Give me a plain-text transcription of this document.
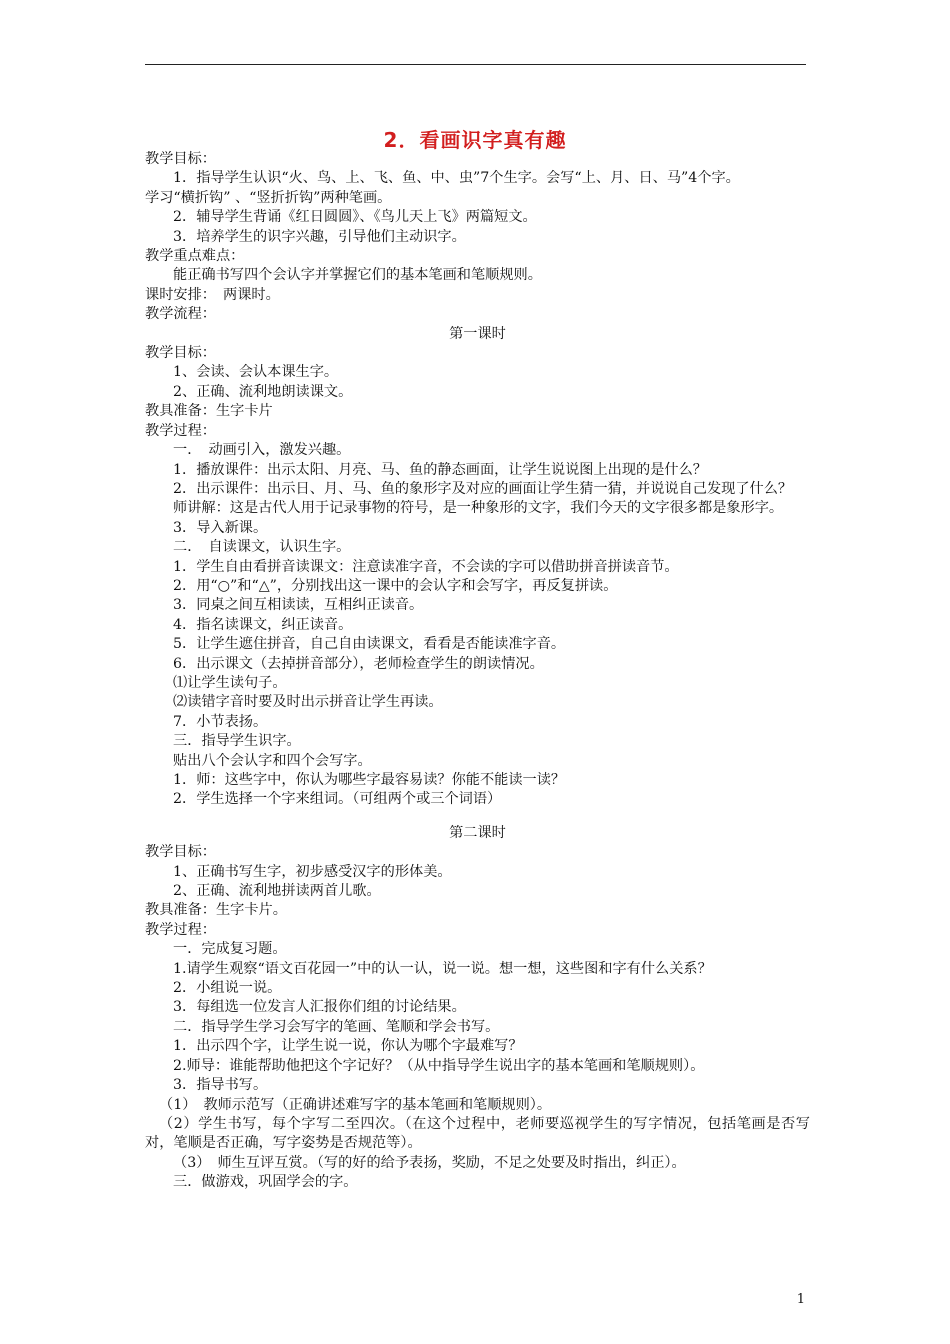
2．看画识字真有趣

教学目标：

1．指导学生认识“火、鸟、上、飞、鱼、中、虫”7个生字。会写“上、月、日、马”4个字。

学习“横折钩” 、“竖折折钩”两种笔画。

2．辅导学生背诵《红日圆圆》、《鸟儿天上飞》两篇短文。

3．培养学生的识字兴趣，引导他们主动识字。

教学重点难点：

能正确书写四个会认字并掌握它们的基本笔画和笔顺规则。

课时安排：　两课时。

教学流程：

第一课时

教学目标：

1、会读、会认本课生字。

2、正确、流利地朗读课文。

教具准备：生字卡片

教学过程：

一．　动画引入，激发兴趣。

1．播放课件：出示太阳、月亮、马、鱼的静态画面，让学生说说图上出现的是什么？

2．出示课件：出示日、月、马、鱼的象形字及对应的画面让学生猜一猜，并说说自己发现了什么？

师讲解：这是古代人用于记录事物的符号，是一种象形的文字，我们今天的文字很多都是象形字。

3．导入新课。

二．　自读课文，认识生字。

1．学生自由看拼音读课文：注意读准字音，不会读的字可以借助拼音拼读音节。

2．用“○”和“△”，分别找出这一课中的会认字和会写字，再反复拼读。

3．同桌之间互相读读，互相纠正读音。

4．指名读课文，纠正读音。

5．让学生遮住拼音，自己自由读课文，看看是否能读准字音。

6．出示课文（去掉拼音部分），老师检查学生的朗读情况。

⑴让学生读句子。

⑵读错字音时要及时出示拼音让学生再读。

7．小节表扬。

三．指导学生识字。

贴出八个会认字和四个会写字。

1．师：这些字中，你认为哪些字最容易读？你能不能读一读？

2．学生选择一个字来组词。（可组两个或三个词语）

第二课时

教学目标：

1、正确书写生字，初步感受汉字的形体美。

2、正确、流利地拼读两首儿歌。

教具准备：生字卡片。

教学过程：

一．完成复习题。

1.请学生观察“语文百花园一”中的认一认，说一说。想一想，这些图和字有什么关系？

2．小组说一说。

3．每组选一位发言人汇报你们组的讨论结果。

二．指导学生学习会写字的笔画、笔顺和学会书写。

1．出示四个字，让学生说一说，你认为哪个字最难写？

2.师导：谁能帮助他把这个字记好？（从中指导学生说出字的基本笔画和笔顺规则）。

3．指导书写。

（1）　教师示范写（正确讲述难写字的基本笔画和笔顺规则）。

（2）学生书写，每个字写二至四次。（在这个过程中，老师要巡视学生的写字情况，包括笔画是否写对，笔顺是否正确，写字姿势是否规范等）。

（3）　师生互评互赏。（写的好的给予表扬，奖励，不足之处要及时指出，纠正）。

三．做游戏，巩固学会的字。

1
